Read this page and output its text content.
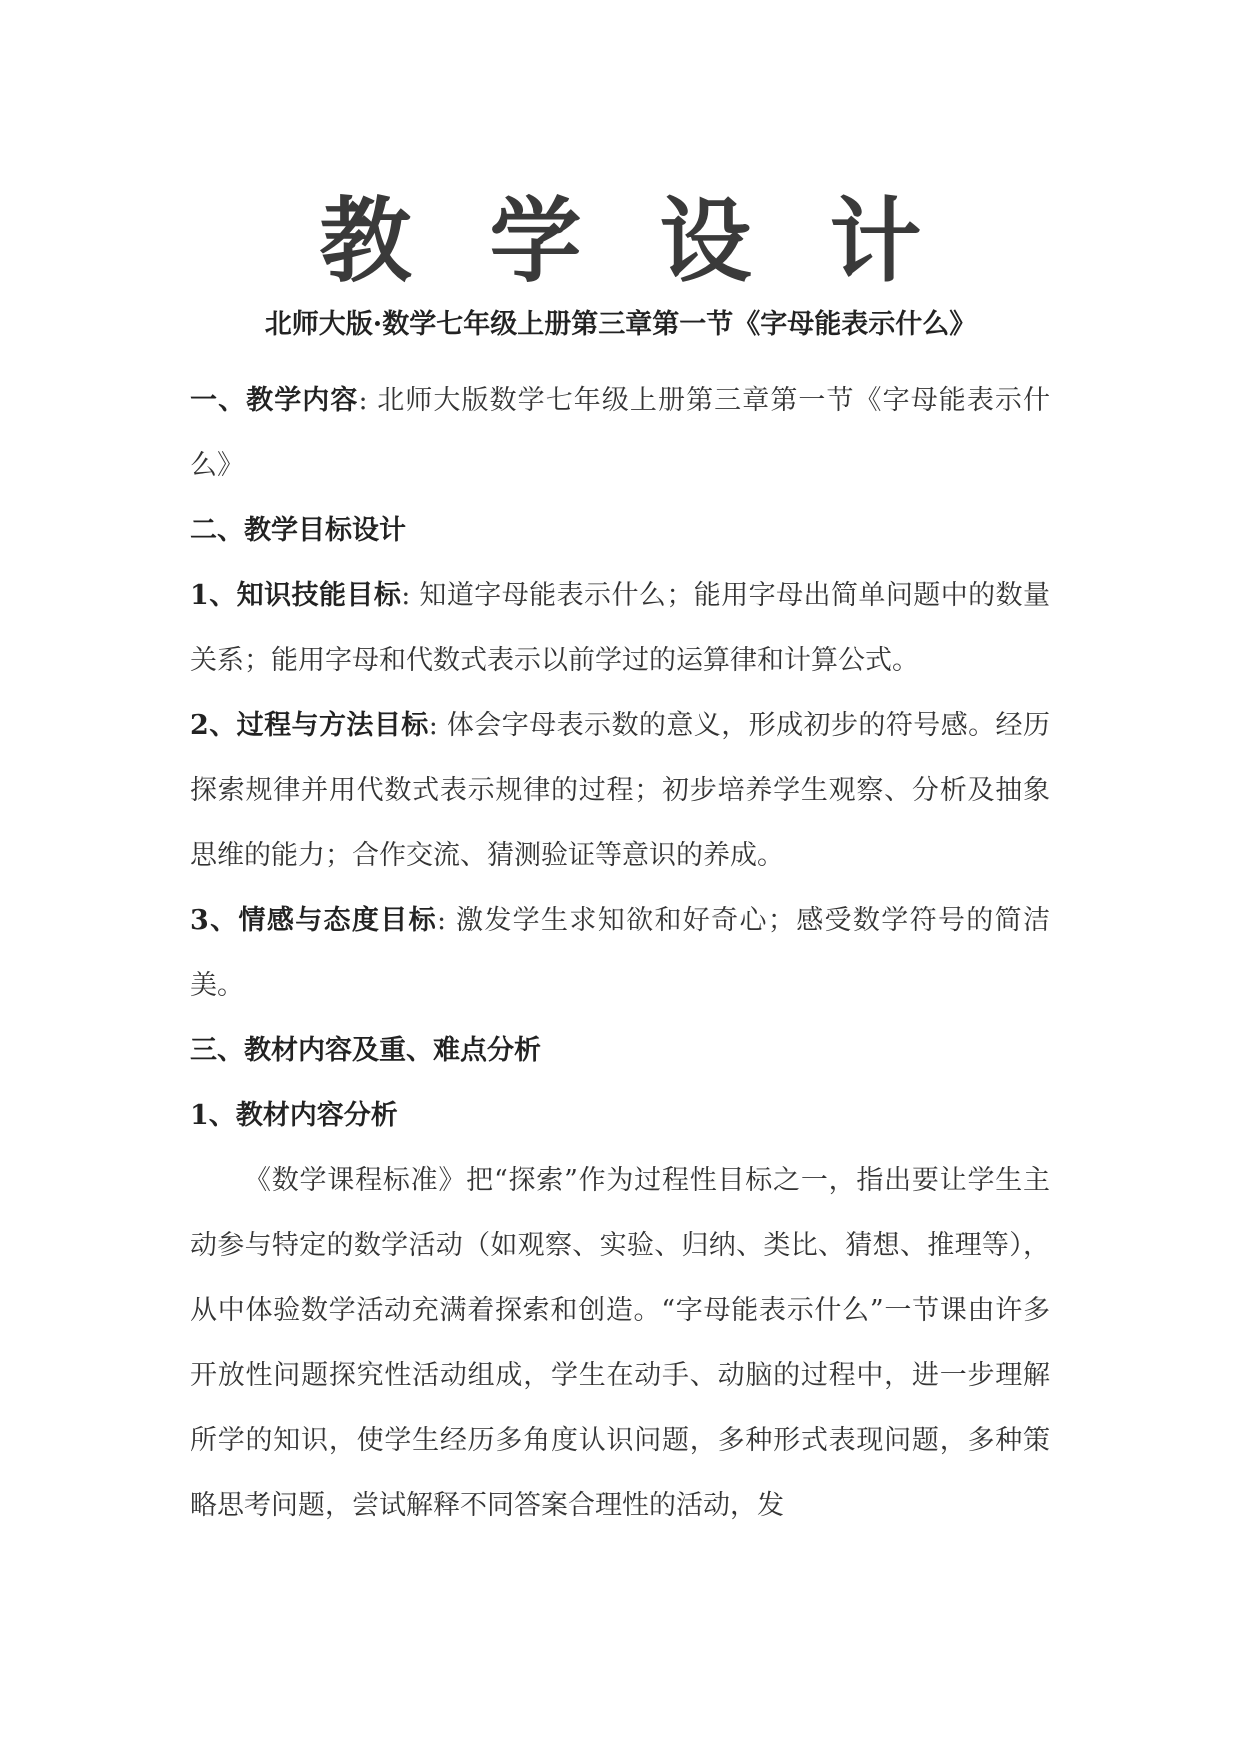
教学设计
北师大版·数学七年级上册第三章第一节《字母能表示什么》

一、教学内容: 北师大版数学七年级上册第三章第一节《字母能表示什么》

二、教学目标设计

1、知识技能目标: 知道字母能表示什么；能用字母出简单问题中的数量关系；能用字母和代数式表示以前学过的运算律和计算公式。

2、过程与方法目标: 体会字母表示数的意义，形成初步的符号感。经历探索规律并用代数式表示规律的过程；初步培养学生观察、分析及抽象思维的能力；合作交流、猜测验证等意识的养成。

3、情感与态度目标: 激发学生求知欲和好奇心；感受数学符号的简洁美。

三、教材内容及重、难点分析

1、教材内容分析

《数学课程标准》把“探索”作为过程性目标之一，指出要让学生主动参与特定的数学活动（如观察、实验、归纳、类比、猜想、推理等），从中体验数学活动充满着探索和创造。“字母能表示什么”一节课由许多开放性问题探究性活动组成，学生在动手、动脑的过程中，进一步理解所学的知识，使学生经历多角度认识问题，多种形式表现问题，多种策略思考问题，尝试解释不同答案合理性的活动，发
